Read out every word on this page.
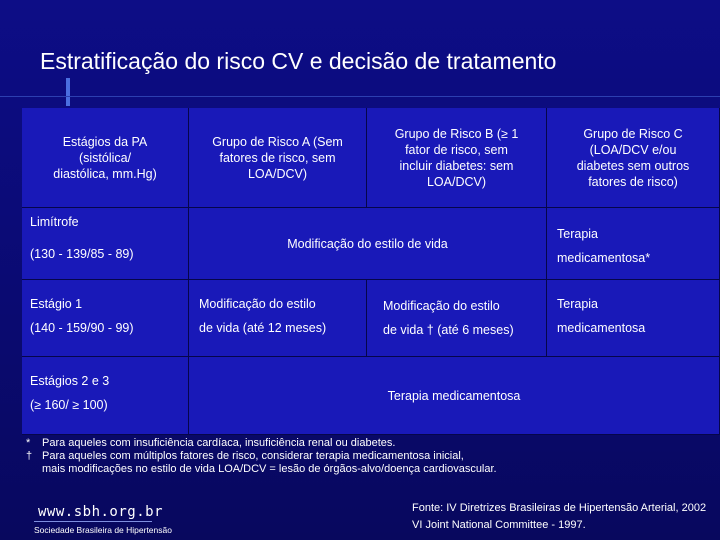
Estratificação do risco CV e decisão de tratamento
Estágios da PA
(sistólica/
diastólica, mm.Hg)
Grupo de Risco A (Sem
fatores de risco, sem
LOA/DCV)
Grupo de Risco B (≥ 1
fator de risco, sem
incluir diabetes: sem
LOA/DCV)
Grupo de Risco C
(LOA/DCV e/ou
diabetes sem outros
fatores de risco)
Limítrofe
(130 - 139/85 - 89)
Modificação do estilo de vida
Terapia
medicamentosa*
Estágio 1
(140 - 159/90 - 99)
Modificação do estilo
de vida (até 12 meses)
Modificação do estilo
de vida † (até 6 meses)
Terapia
medicamentosa
Estágios 2 e 3
(≥ 160/ ≥ 100)
Terapia medicamentosa
*	Para aqueles com insuficiência cardíaca, insuficiência renal ou diabetes.
† Para aqueles com múltiplos fatores de risco, considerar terapia medicamentosa inicial,
mais modificações no estilo de vida LOA/DCV = lesão de órgãos-alvo/doença cardiovascular.
www.sbh.org.br
Sociedade Brasileira de Hipertensão
Fonte: IV Diretrizes Brasileiras de Hipertensão Arterial, 2002
VI Joint National Committee - 1997.
